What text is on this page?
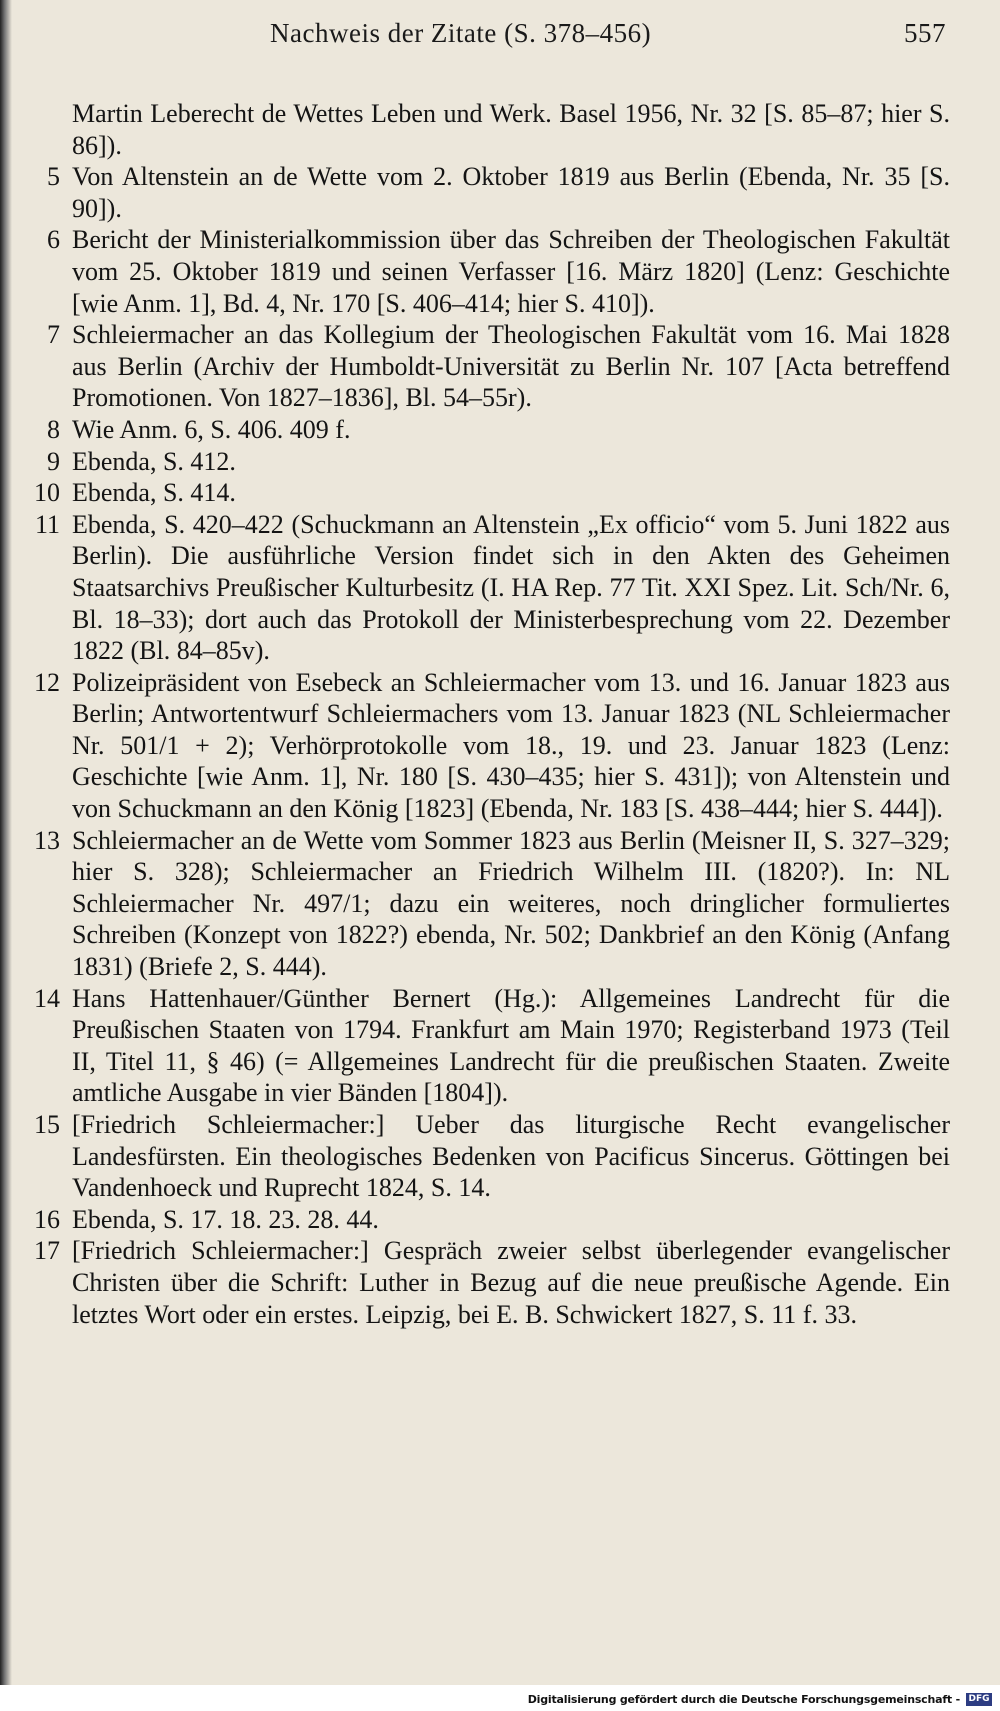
Nachweis der Zitate (S. 378–456)	557
Martin Leberecht de Wettes Leben und Werk. Basel 1956, Nr. 32 [S. 85–87; hier S. 86]).
5 Von Altenstein an de Wette vom 2. Oktober 1819 aus Berlin (Ebenda, Nr. 35 [S. 90]).
6 Bericht der Ministerialkommission über das Schreiben der Theologischen Fakultät vom 25. Oktober 1819 und seinen Verfasser [16. März 1820] (Lenz: Geschichte [wie Anm. 1], Bd. 4, Nr. 170 [S. 406–414; hier S. 410]).
7 Schleiermacher an das Kollegium der Theologischen Fakultät vom 16. Mai 1828 aus Berlin (Archiv der Humboldt-Universität zu Berlin Nr. 107 [Acta betreffend Promotionen. Von 1827–1836], Bl. 54–55r).
8 Wie Anm. 6, S. 406. 409 f.
9 Ebenda, S. 412.
10 Ebenda, S. 414.
11 Ebenda, S. 420–422 (Schuckmann an Altenstein „Ex officio“ vom 5. Juni 1822 aus Berlin). Die ausführliche Version findet sich in den Akten des Geheimen Staatsarchivs Preußischer Kulturbesitz (I. HA Rep. 77 Tit. XXI Spez. Lit. Sch/Nr. 6, Bl. 18–33); dort auch das Protokoll der Ministerbesprechung vom 22. Dezember 1822 (Bl. 84–85v).
12 Polizeipräsident von Esebeck an Schleiermacher vom 13. und 16. Januar 1823 aus Berlin; Antwortentwurf Schleiermachers vom 13. Januar 1823 (NL Schleiermacher Nr. 501/1 + 2); Verhörprotokolle vom 18., 19. und 23. Januar 1823 (Lenz: Geschichte [wie Anm. 1], Nr. 180 [S. 430–435; hier S. 431]); von Altenstein und von Schuckmann an den König [1823] (Ebenda, Nr. 183 [S. 438–444; hier S. 444]).
13 Schleiermacher an de Wette vom Sommer 1823 aus Berlin (Meisner II, S. 327–329; hier S. 328); Schleiermacher an Friedrich Wilhelm III. (1820?). In: NL Schleiermacher Nr. 497/1; dazu ein weiteres, noch dringlicher formuliertes Schreiben (Konzept von 1822?) ebenda, Nr. 502; Dankbrief an den König (Anfang 1831) (Briefe 2, S. 444).
14 Hans Hattenhauer/Günther Bernert (Hg.): Allgemeines Landrecht für die Preußischen Staaten von 1794. Frankfurt am Main 1970; Registerband 1973 (Teil II, Titel 11, § 46) (= Allgemeines Landrecht für die preußischen Staaten. Zweite amtliche Ausgabe in vier Bänden [1804]).
15 [Friedrich Schleiermacher:] Ueber das liturgische Recht evangelischer Landesfürsten. Ein theologisches Bedenken von Pacificus Sincerus. Göttingen bei Vandenhoeck und Ruprecht 1824, S. 14.
16 Ebenda, S. 17. 18. 23. 28. 44.
17 [Friedrich Schleiermacher:] Gespräch zweier selbst überlegender evangelischer Christen über die Schrift: Luther in Bezug auf die neue preußische Agende. Ein letztes Wort oder ein erstes. Leipzig, bei E. B. Schwickert 1827, S. 11 f. 33.
Digitalisierung gefördert durch die Deutsche Forschungsgemeinschaft - DFG
